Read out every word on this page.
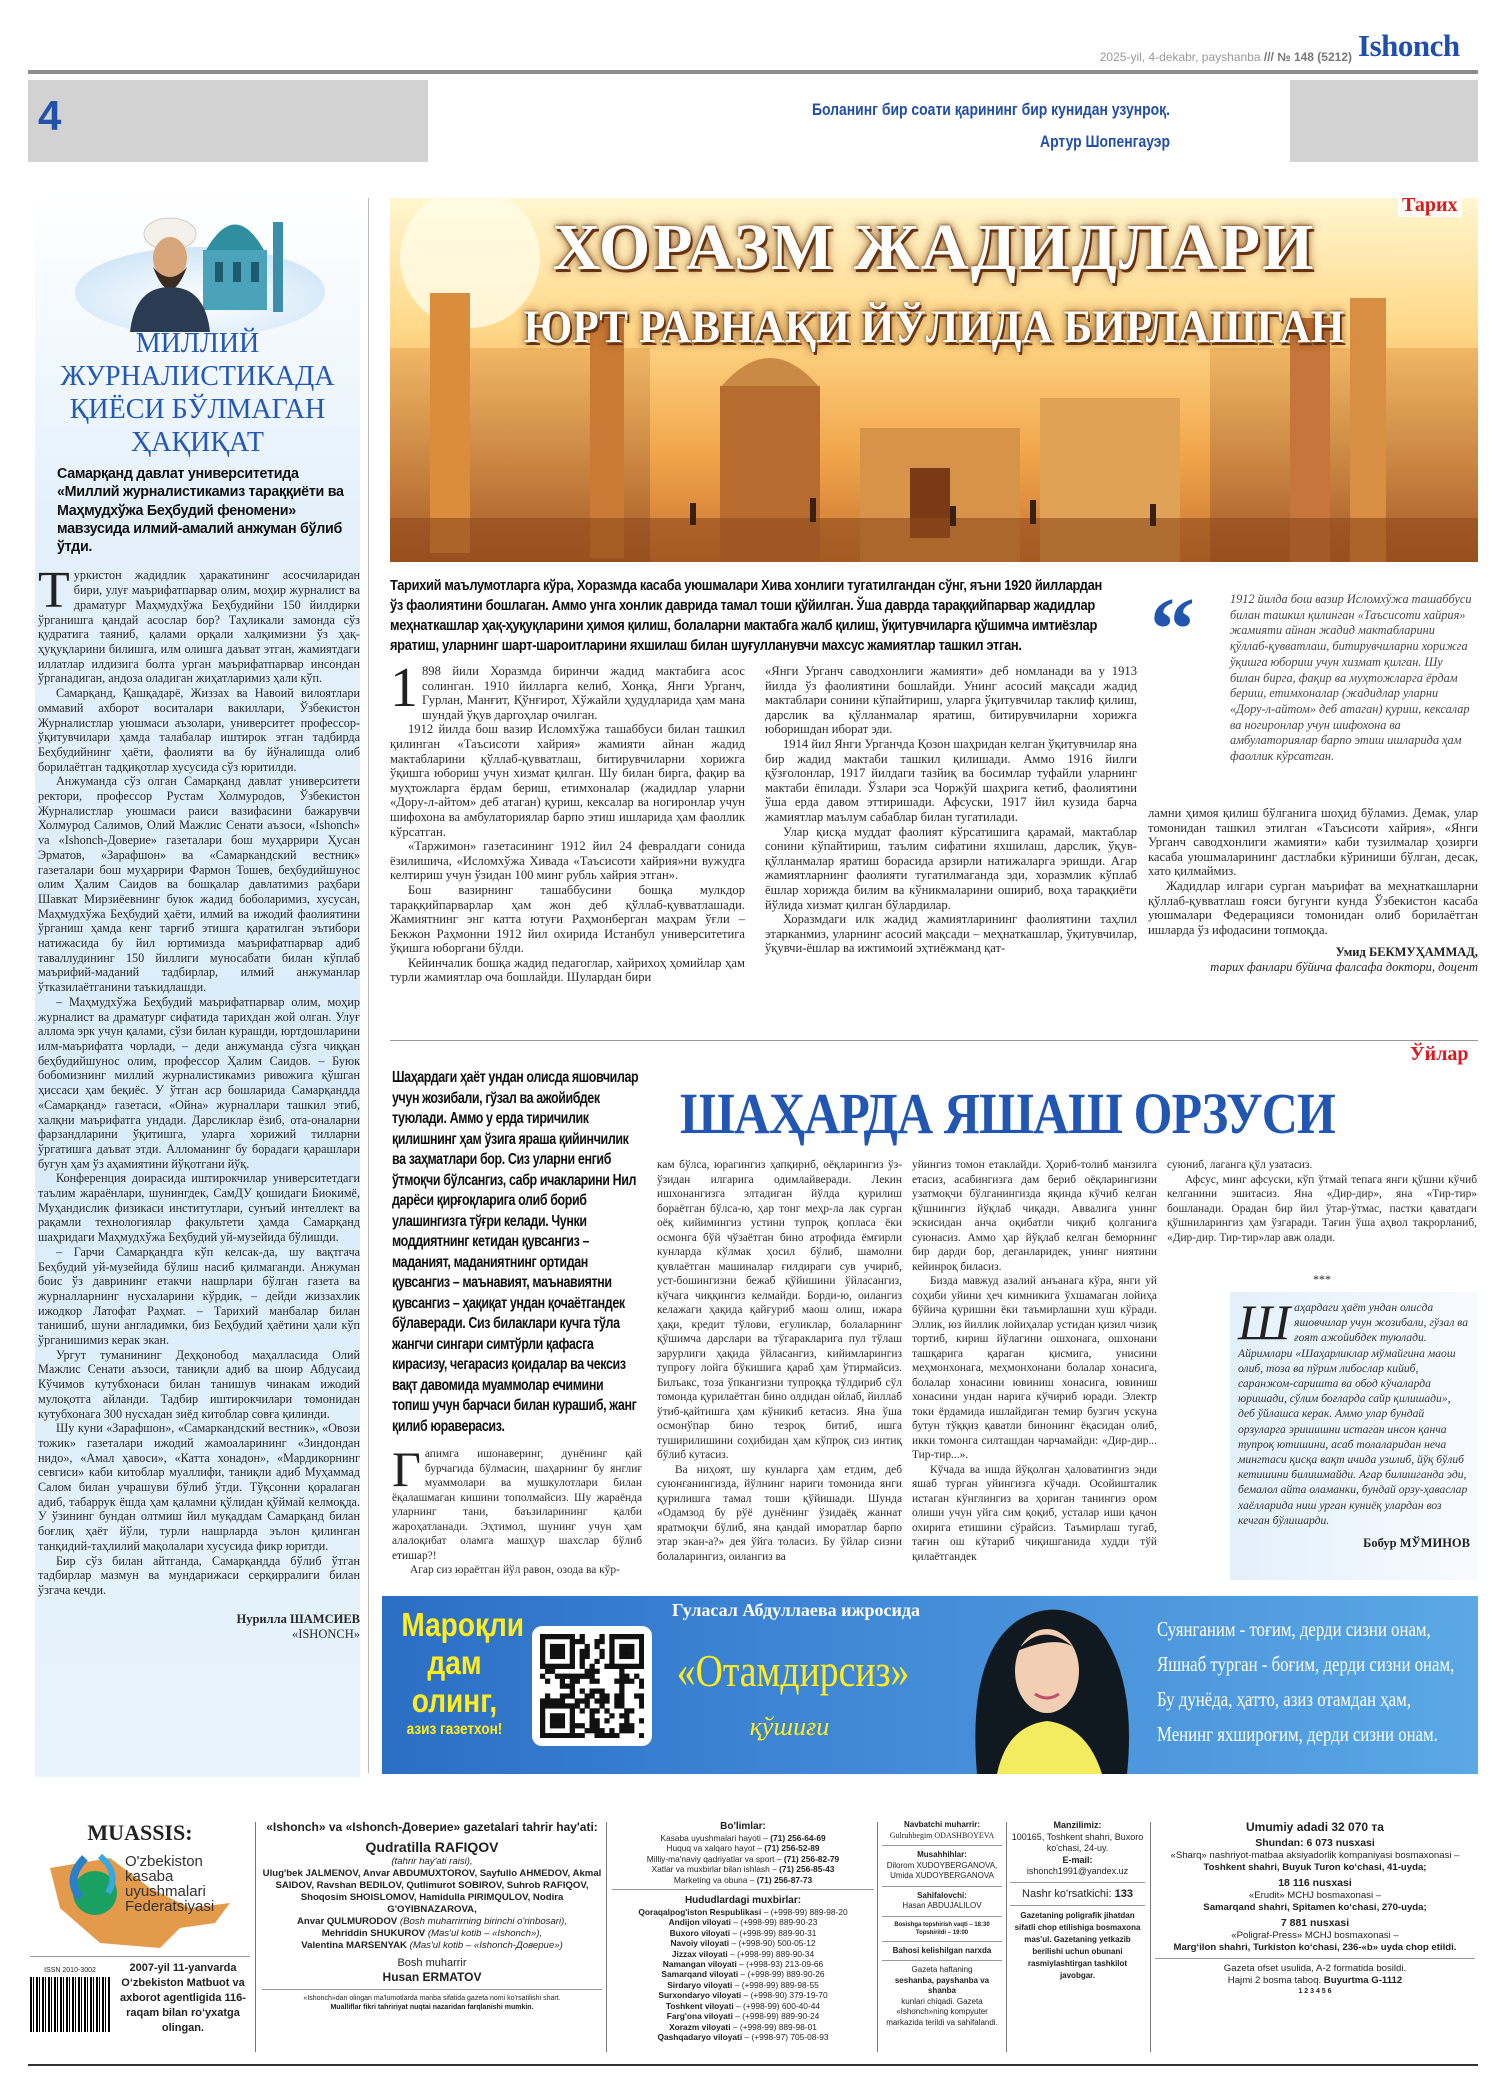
2025-yil, 4-dekabr, payshanba /// № 148 (5212) Ishonch
4	Боланинг бир соати қарининг бир кунидан узунроқ.
Артур Шопенгауэр
МИЛЛИЙ ЖУРНАЛИСТИКАДА ҚИЁСИ БЎЛМАГАН ҲАҚИҚАТ
Самарқанд давлат университетида «Миллий журналистикамиз тараққиёти ва Маҳмудхўжа Беҳбудий феномени» мавзусида илмий-амалий анжуман бўлиб ўтди.
Т уркистон жадидлик ҳаракатининг асосчиларидан бири, улуғ маърифатпарвар олим, моҳир журналист ва драматург Маҳмудхўжа Беҳбудийни 150 йилдирки ўрганишга қандай асослар бор? Таҳликали замонда сўз қудратига таяниб, қалами орқали халқимизни ўз ҳақ-ҳуқуқларини билишга, илм олишга даъват этган, жамиятдаги иллатлар илдизига болта урган маърифатпарвар инсондан ўрганадиган, андоза оладиган жиҳатларимиз ҳали кўп.

Самарқанд, Қашқадарё, Жиззах ва Навоий вилоятлари оммавий ахборот воситалари вакиллари, Ўзбекистон Журналистлар уюшмаси аъзолари, университет профессор-ўқитувчилари ҳамда талабалар иштирок этган тадбирда Беҳбудийнинг ҳаёти, фаолияти ва бу йўналишда олиб борилаётган тадқиқотлар хусусида сўз юритилди.

Анжуманда сўз олган Самарқанд давлат университети ректори, профессор Рустам Холмуродов, Ўзбекистон Журналистлар уюшмаси раиси вазифасини бажарувчи Холмурод Салимов, Олий Мажлис Сенати аъзоси, «Ishonch» va «Ishonch-Доверие» газеталари бош муҳаррири Ҳусан Эрматов, «Зарафшон» ва «Самаркандский вестник» газеталари бош муҳаррири Фармон Тошев, беҳбудийшунос олим Ҳалим Саидов ва бошқалар давлатимиз раҳбари Шавкат Мирзиёевнинг буюк жадид боболаримиз, хусусан, Маҳмудхўжа Беҳбудий ҳаёти, илмий ва ижодий фаолиятини ўрганиш ҳамда кенг тарғиб этишга қаратилган эътибори натижасида бу йил юртимизда маърифатпарвар адиб таваллудининг 150 йиллиги муносабати билан кўплаб маърифий-маданий тадбирлар, илмий анжуманлар ўтказилаётганини таъкидлашди.

– Маҳмудхўжа Беҳбудий маърифатпарвар олим, моҳир журналист ва драматург сифатида тарихдан жой олган. Улуғ аллома эрк учун қалами, сўзи билан курашди, юртдошларини илм-маърифатга чорлади, – деди анжуманда сўзга чиққан беҳбудийшунос олим, профессор Ҳалим Саидов. – Буюк бобомизнинг миллий журналистикамиз ривожига қўшган ҳиссаси ҳам беқиёс. У ўтган аср бошларида Самарқандда «Самарқанд» газетаси, «Ойна» журналлари ташкил этиб, халқни маърифатга ундади. Дарсликлар ёзиб, ота-оналарни фарзандларини ўқитишга, уларга хорижий тилларни ўргатишга даъват этди. Алломанинг бу борадаги қарашлари бугун ҳам ўз аҳамиятини йўқотгани йўқ.

Конференция доирасида иштирокчилар университетдаги таълим жараёнлари, шунингдек, СамДУ қошидаги Биокимё, Муҳандислик физикаси институтлари, сунъий интеллект ва рақамли технологиялар факультети ҳамда Самарқанд шаҳридаги Маҳмудхўжа Беҳбудий уй-музейида бўлишди.

– Гарчи Самарқандга кўп келсак-да, шу вақтгача Беҳбудий уй-музейида бўлиш насиб қилмаганди. Анжуман боис ўз даврининг етакчи нашрлари бўлган газета ва журналларнинг нусхаларини кўрдик, – дейди жиззахлик ижодкор Латофат Раҳмат. – Тарихий манбалар билан танишиб, шуни англадимки, биз Беҳбудий ҳаётини ҳали кўп ўрганишимиз керак экан.

Ургут туманининг Деҳқонобод маҳалласида Олий Мажлис Сенати аъзоси, таниқли адиб ва шоир Абдусаид Кўчимов кутубхонаси билан танишув чинакам ижодий мулоқотга айланди. Тадбир иштирокчилари томонидан кутубхонага 300 нусхадан зиёд китоблар совға қилинди.

Шу куни «Зарафшон», «Самаркандский вестник», «Овози тожик» газеталари ижодий жамоаларининг «Зиндондан нидо», «Амал ҳавоси», «Катта хонадон», «Мардикорнинг севгиси» каби китоблар муаллифи, таниқли адиб Муҳаммад Салом билан учрашуви бўлиб ўтди. Тўқсонни қоралаган адиб, табаррук ёшда ҳам қаламни қўлидан қўймай келмоқда. У ўзининг бундан олтмиш йил муқаддам Самарқанд билан боғлиқ ҳаёт йўли, турли нашрларда эълон қилинган танқидий-таҳлилий мақолалари хусусида фикр юритди.

Бир сўз билан айтганда, Самарқандда бўлиб ўтган тадбирлар мазмун ва мундарижаси серқирралиги билан ўзгача кечди.

Нурилла ШАМСИЕВ
«ISHONCH»
ХОРАЗМ ЖАДИДЛАРИ
ЮРТ РАВНАҚИ ЙЎЛИДА БИРЛАШГАН
Тарих
Тарихий маълумотларга кўра, Хоразмда касаба уюшмалари Хива хонлиги тугатилгандан сўнг, яъни 1920 йиллардан ўз фаолиятини бошлаган. Аммо унга хонлик даврида тамал тоши қўйилган. Ўша даврда тараққийпарвар жадидлар меҳнаткашлар ҳақ-ҳуқуқларини ҳимоя қилиш, болаларни мактабга жалб қилиш, ўқитувчиларга қўшимча имтиёзлар яратиш, уларнинг шарт-шароитларини яхшилаш билан шуғулланувчи махсус жамиятлар ташкил этган.
1 898 йили Хоразмда биринчи жадид мактабига асос солинган. 1910 йилларга келиб, Хонқа, Янги Урганч, Гурлан, Манғит, Қўнғирот, Хўжайли ҳудудларида ҳам мана шундай ўқув даргоҳлар очилган.

1912 йилда бош вазир Исломхўжа ташаббуси билан ташкил қилинган «Таъсисоти хайрия» жамияти айнан жадид мактабларини қўллаб-қувватлаш, битирувчиларни хорижга ўқишга юбориш учун хизмат қилган. Шу билан бирга, фақир ва муҳтожларга ёрдам бериш, етимхоналар (жадидлар уларни «Дору-л-айтом» деб атаган) қуриш, кексалар ва ногиронлар учун шифохона ва амбулаториялар барпо этиш ишларида ҳам фаоллик кўрсатган.

«Таржимон» газетасининг 1912 йил 24 февралдаги сонида ёзилишича, «Исломхўжа Хивада «Таъсисоти хайрия»ни вужудга келтириш учун ўзидан 100 минг рубль хайрия этган».

Бош вазирнинг ташаббусини бошқа мулкдор тараққийпарварлар ҳам жон деб қўллаб-қувватлашади. Жамиятнинг энг катта ютуғи Раҳмонберган маҳрам ўғли – Бекжон Раҳмонни 1912 йил охирида Истанбул университетига ўқишга юборгани бўлди.

Кейинчалик бошқа жадид педагоглар, хайрихоҳ ҳомийлар ҳам турли жамиятлар оча бошлайди. Шулардан бири

«Янги Урганч саводхонлиги жамияти» деб номланади ва у 1913 йилда ўз фаолиятини бошлайди. Унинг асосий мақсади жадид мактаблари сонини кўпайтириш, уларга ўқитувчилар таклиф қилиш, дарслик ва қўлланмалар яратиш, битирувчиларни хорижга юборишдан иборат эди.

1914 йил Янги Урганчда Қозон шаҳридан келган ўқитувчилар яна бир жадид мактаби ташкил қилишади. Аммо 1916 йилги қўзғолонлар, 1917 йилдаги тазйиқ ва босимлар туфайли уларнинг мактаби ёпилади. Ўзлари эса Чоржўй шаҳрига кетиб, фаолиятини ўша ерда давом эттиришади. Афсуски, 1917 йил кузида барча жамиятлар маълум сабаблар билан тугатилади.

Улар қисқа муддат фаолият кўрсатишига қарамай, мактаблар сонини кўпайтириш, таълим сифатини яхшилаш, дарслик, ўқув-қўлланмалар яратиш борасида арзирли натижаларга эришди. Агар жамиятларнинг фаолияти тугатилмаганда эди, хоразмлик кўплаб ёшлар хорижда билим ва кўникмаларини ошириб, воҳа тараққиёти йўлида хизмат қилган бўлардилар.

Хоразмдаги илк жадид жамиятларининг фаолиятини таҳлил этарканмиз, уларнинг асосий мақсади – меҳнаткашлар, ўқитувчилар, ўқувчи-ёшлар ва ижтимоий эҳтиёжманд қат-

“	1912 йилда бош вазир Исломхўжа ташаббуси билан ташкил қилинган «Таъсисоти хайрия» жамияти айнан жадид мактабларини қўллаб-қувватлаш, битирувчиларни хорижга ўқишга юбориш учун хизмат қилган. Шу билан бирга, фақир ва муҳтожларга ёрдам бериш, етимхоналар (жадидлар уларни «Дору-л-айтом» деб атаган) қуриш, кексалар ва ногиронлар учун шифохона ва амбулаториялар барпо этиш ишларида ҳам фаоллик кўрсатган.

ламни ҳимоя қилиш бўлганига шоҳид бўламиз. Демак, улар томонидан ташкил этилган «Таъсисоти хайрия», «Янги Урганч саводхонлиги жамияти» каби тузилмалар ҳозирги касаба уюшмаларининг дастлабки кўриниши бўлган, десак, хато қилмаймиз.

Жадидлар илгари сурган маърифат ва меҳнаткашларни қўллаб-қувватлаш ғояси бугунги кунда Ўзбекистон касаба уюшмалари Федерацияси томонидан олиб борилаётган ишларда ўз ифодасини топмоқда.

Умид БЕКМУҲАММАД,
тарих фанлари бўйича фалсафа доктори, доцент
Ўйлар
Шаҳардаги ҳаёт ундан олисда яшовчилар учун жозибали, гўзал ва ажойибдек туюлади. Аммо у ерда тиричилик қилишнинг ҳам ўзига яраша қийинчилик ва заҳматлари бор. Сиз уларни енгиб ўтмоқчи бўлсангиз, сабр ичакларини Нил дарёси қирғоқларига олиб бориб улашингизга тўғри келади. Чунки моддиятнинг кетидан қувсангиз – маданият, маданиятнинг ортидан қувсангиз – маънавият, маънавиятни қувсангиз – ҳақиқат ундан қочаётгандек бўлаверади. Сиз билаклари кучга тўла жангчи сингари симтўрли қафасга кирасизу, чегарасиз қоидалар ва чексиз вақт давомида муаммолар ечимини топиш учун барчаси билан курашиб, жанг қилиб юраверасиз.
Г апимга ишонаверинг, дунёнинг қай бурчагида бўлмасин, шаҳарнинг бу янглиғ муаммолари ва мушкулотлари билан ёқалашмаган кишини тополмайсиз. Шу жараёнда уларнинг тани, баъзиларининг қалби жароҳатланади. Эҳтимол, шунинг учун ҳам алалоқибат оламга машҳур шахслар бўлиб етишар?!

Агар сиз юраётган йўл равон, озода ва кўр-

ШАҲАРДА ЯШАШ ОРЗУСИ

кам бўлса, юрагингиз ҳапқириб, оёқларингиз ўз-ўзидан илгарига одимлайверади. Лекин ишхонангизга элтадиган йўлда қурилиш бораётган бўлса-ю, ҳар тонг меҳр-ла лак сурган оёқ кийимингиз устини тупроқ қопласа ёки осмонга бўй чўзаётган бино атрофида ёмғирли кунларда кўлмак ҳосил бўлиб, шамолни қувлаётган машиналар ғилдираги сув учириб, уст-бошингизни бежаб қўйишини ўйласангиз, кўчага чиққингиз келмайди. Борди-ю, оилангиз келажаги ҳақида қайғуриб маош олиш, ижара ҳақи, кредит тўлови, егуликлар, болаларнинг қўшимча дарслари ва тўгаракларига пул тўлаш зарурлиги ҳақида ўйласангиз, кийимларингиз тупроғу лойга бўкишига қараб ҳам ўтирмайсиз. Билъакс, тоза ўпкангизни тупроққа тўлдириб сўл томонда қурилаётган бино олдидан ойлаб, йиллаб ўтиб-қайтишга ҳам кўникиб кетасиз. Яна ўша осмонўпар бино тезроқ битиб, ишга туширилишини соҳибидан ҳам кўпроқ сиз интиқ бўлиб кутасиз.

Ва ниҳоят, шу кунларга ҳам етдим, деб суюнганингизда, йўлнинг нариги томонида янги қурилишга тамал тоши қўйишади. Шунда «Одамзод бу рўё дунёнинг ўзидаёқ жаннат яратмоқчи бўлиб, яна қандай иморатлар барпо этар экан-а?» дея ўйга толасиз. Бу ўйлар сизни болаларингиз, оилангиз ва

уйингиз томон етаклайди. Ҳориб-толиб манзилга етасиз, асабингизга дам бериб оёқларингизни узатмоқчи бўлганингизда яқинда кўчиб келган қўшнингиз йўқлаб чиқади. Аввалига унинг эскисидан анча оқибатли чиқиб қолганига суюнасиз. Аммо ҳар йўқлаб келган беморнинг бир дарди бор, деганларидек, унинг ниятини кейинроқ биласиз.

Бизда мавжуд азалий анъанага кўра, янги уй соҳиби уйини ҳеч кимникига ўхшамаган лойиҳа бўйича қуришни ёки таъмирлашни хуш кўради. Эллик, юз йиллик лойиҳалар устидан қизил чизиқ тортиб, кириш йўлагини ошхонага, ошхонани ташқарига қараган қисмига, унисини меҳмонхонага, меҳмонхонани болалар хонасига, болалар хонасини ювиниш хонасига, ювиниш хонасини ундан нарига кўчириб юради. Электр токи ёрдамида ишлайдиган темир бузгич ускуна бутун тўққиз қаватли бинонинг ёқасидан олиб, икки томонга силташдан чарчамайди: «Дир-дир... Тир-тир...».

Кўчада ва ишда йўқолган ҳаловатингиз энди яшаб турган уйингизга кўчади. Осойишталик истаган кўнглингиз ва ҳориган танингиз ором олиши учун уйга сим қоқиб, усталар иши қачон охирига етишини сўрайсиз. Таъмирлаш тугаб, тағин ош кўтариб чиқишганида худди тўй қилаётгандек

суюниб, лаганга қўл узатасиз.

Афсус, минг афсуски, кўп ўтмай тепага янги қўшни кўчиб келганини эшитасиз. Яна «Дир-дир», яна «Тир-тир» бошланади. Орадан бир йил ўтар-ўтмас, пастки қаватдаги қўшниларингиз ҳам ўзгаради. Тағин ўша аҳвол такрорланиб, «Дир-дир. Тир-тир»лар авж олади.

***
Шаҳардаги ҳаёт ундан олисда яшовчилар учун жозибали, гўзал ва ғоят ажойибдек туюлади. Айримлари «Шаҳарликлар мўмайгина маош олиб, тоза ва пўрим либослар кийиб, саранжом-саришта ва обод кўчаларда юришади, сўлим боғларда сайр қилишади», деб ўйлашса керак. Аммо улар бундай орзуларга эришишни истаган инсон қанча тупроқ ютишини, асаб толаларидан неча мингтаси қисқа вақт ичида узилиб, йўқ бўлиб кетишини билишмайди. Агар билишганда эди, бемалол айта оламанки, бундай орзу-ҳаваслар хаёлларида ниш урган куниёқ улардан воз кечган бўлишарди.
Бобур МЎМИНОВ
Мароқли
дам
олинг,
азиз газетхон!
Гуласал Абдуллаева ижросида
«Отамдирсиз»
қўшиғи
Суянганим - тоғим, дерди сизни онам,
Яшнаб турган - боғим, дерди сизни онам,
Бу дунёда, ҳатто, азиз отамдан ҳам,
Менинг яхшироғим, дерди сизни онам.
MUASSIS:
O'zbekiston kasaba uyushmalari Federatsiyasi
ISSN 2010-3002	2007-yil 11-yanvarda O‘zbekiston Matbuot va axborot agentligida 116-raqam bilan ro‘yxatga olingan.
«Ishonch» va «Ishonch-Доверие» gazetalari tahrir hay'ati:
Qudratilla RAFIQOV
(tahrir hay'ati raisi),
Ulug'bek JALMENOV, Anvar ABDUMUXTOROV, Sayfullo AHMEDOV, Akmal SAIDOV, Ravshan BEDILOV, Qutlimurot SOBIROV, Suhrob RAFIQOV, Shoqosim SHOISLOMOV, Hamidulla PIRIMQULOV, Nodira G'OYIBNAZAROVA,
Anvar QULMURODOV (Bosh muharrirning birinchi o'rinbosari),
Mehriddin SHUKUROV (Mas'ul kotib – «Ishonch»),
Valentina MARSENYAK (Mas'ul kotib – «Ishonch-Доверие»)
Bosh muharrir
Husan ERMATOV
«Ishonch»dan olingan ma'lumotlarda manba sifatida gazeta nomi ko'rsatilishi shart.
Mualliflar fikri tahririyat nuqtai nazaridan farqlanishi mumkin.
Bo'limlar:
Kasaba uyushmalari hayoti – (71) 256-64-69
Huquq va xalqaro hayot – (71) 256-52-89
Milliy-ma'naviy qadriyatlar va sport – (71) 256-82-79
Xatlar va muxbirlar bilan ishlash – (71) 256-85-43
Marketing va obuna – (71) 256-87-73
Hududlardagi muxbirlar:
Qoraqalpog'iston Respublikasi – (+998-99) 889-98-20
Andijon viloyati – (+998-99) 889-90-23
Buxoro viloyati – (+998-99) 889-90-31
Navoiy viloyati – (+998-90) 500-05-12
Jizzax viloyati – (+998-99) 889-90-34
Namangan viloyati – (+998-93) 213-09-66
Samarqand viloyati – (+998-99) 889-90-26
Sirdaryo viloyati – (+998-99) 889-98-55
Surxondaryo viloyati – (+998-90) 379-19-70
Toshkent viloyati – (+998-99) 600-40-44
Farg'ona viloyati – (+998-99) 889-90-24
Xorazm viloyati – (+998-99) 889-98-01
Qashqadaryo viloyati – (+998-97) 705-08-93
Navbatchi muharrir:
Gulruhbegim ODASHBOYEVA
Musahhihlar:
Dilorom XUDOYBERGANOVA, Umida XUDOYBERGANOVA
Sahifalovchi:
Hasan ABDUJALILOV
Bosishga topshirish vaqti – 18:30
Topshirildi – 19:00
Bahosi kelishilgan narxda
Gazeta haftaning
seshanba, payshanba va shanba
kunlari chiqadi. Gazeta «Ishonch»ning kompyuter markazida terildi va sahifalandi.
Manzilimiz:
100165, Toshkent shahri, Buxoro ko'chasi, 24-uy.
E-mail:
ishonch1991@yandex.uz
Nashr ko'rsatkichi: 133
Gazetaning poligrafik jihatdan sifatli chop etilishiga bosmaxona mas'ul. Gazetaning yetkazib berilishi uchun obunani rasmiylashtirgan tashkilot javobgar.
Umumiy adadi 32 070 та
Shundan: 6 073 nusxasi
«Sharq» nashriyot-matbaa aksiyadorlik kompaniyasi bosmaxonasi –
Toshkent shahri, Buyuk Turon ko‘chasi, 41-uyda;
18 116 nusxasi
«Erudit» MCHJ bosmaxonasi –
Samarqand shahri, Spitamen ko‘chasi, 270-uyda;
7 881 nusxasi
«Poligraf-Press» MCHJ bosmaxonasi –
Marg‘ilon shahri, Turkiston ko‘chasi, 236-«b» uyda chop etildi.
Gazeta ofset usulida, A-2 formatida bosildi.
Hajmi 2 bosma taboq. Buyurtma G-1112
1 2 3 4 5 6
